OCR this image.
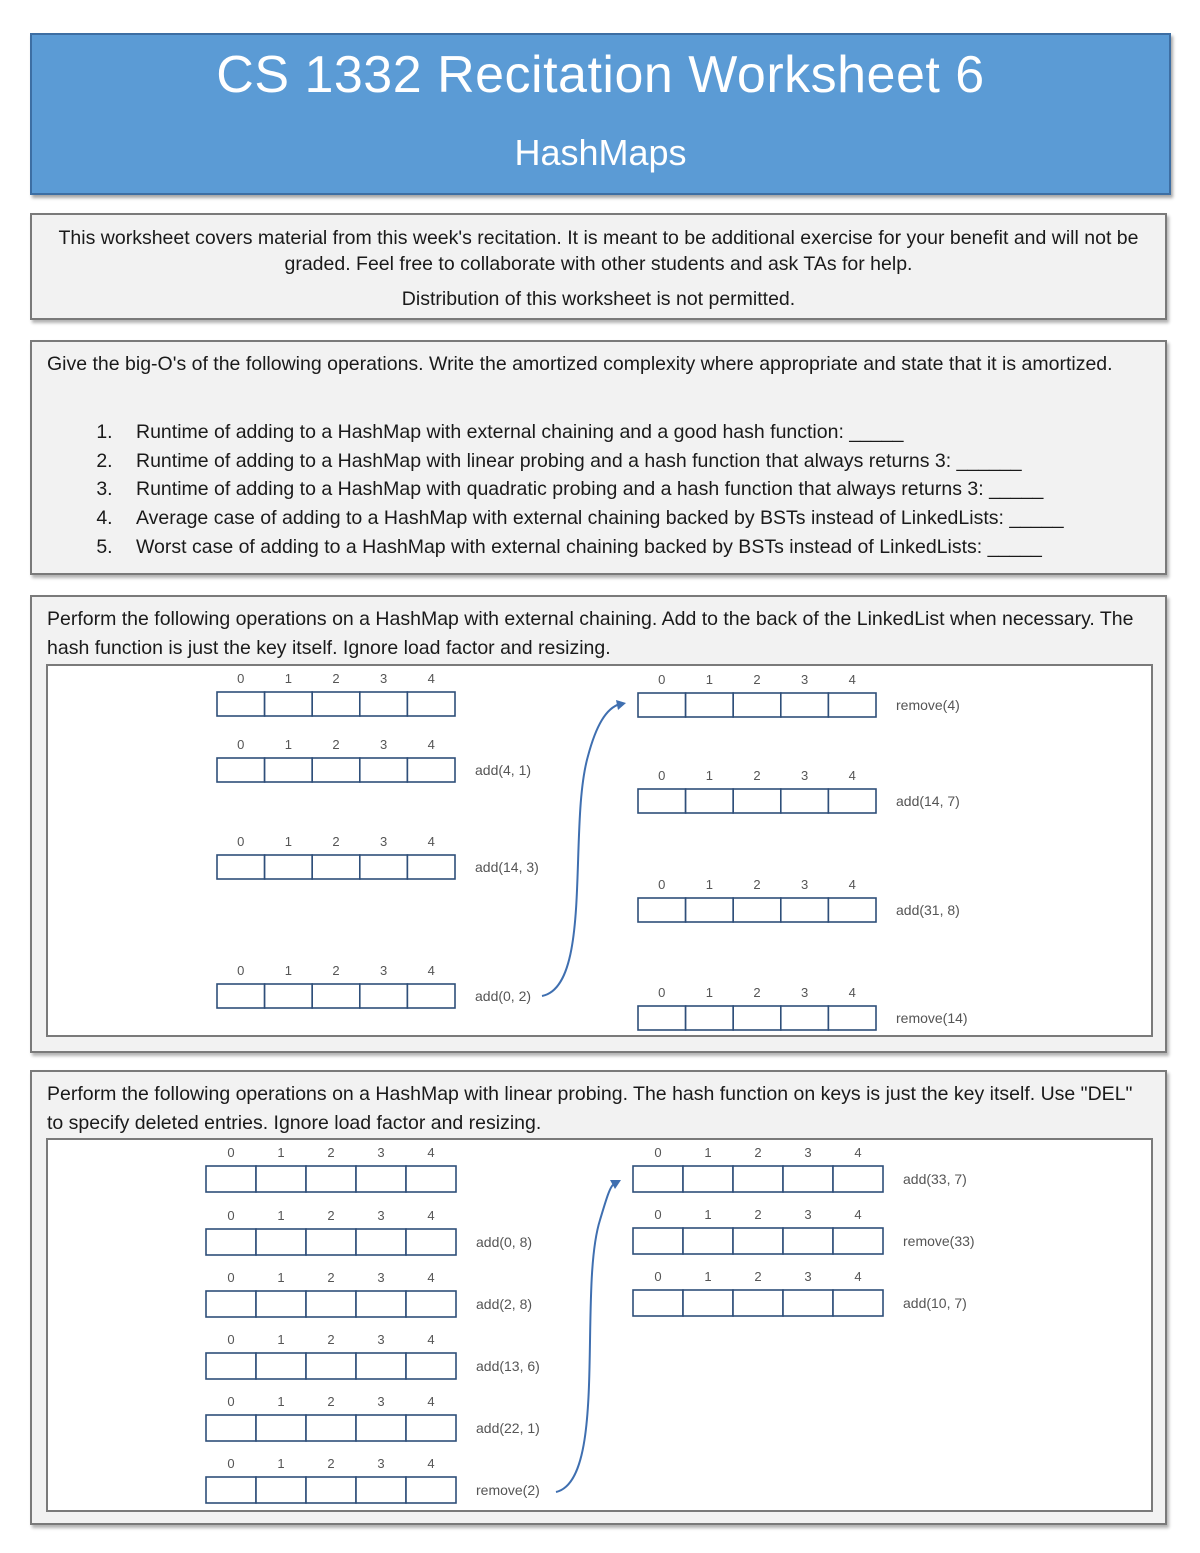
CS 1332 Recitation Worksheet 6
HashMaps

This worksheet covers material from this week's recitation. It is meant to be additional exercise for your benefit and will not be graded. Feel free to collaborate with other students and ask TAs for help.

Distribution of this worksheet is not permitted.

Give the big-O's of the following operations. Write the amortized complexity where appropriate and state that it is amortized.
1. Runtime of adding to a HashMap with external chaining and a good hash function: _____
2. Runtime of adding to a HashMap with linear probing and a hash function that always returns 3: ______
3. Runtime of adding to a HashMap with quadratic probing and a hash function that always returns 3: _____
4. Average case of adding to a HashMap with external chaining backed by BSTs instead of LinkedLists: _____
5. Worst case of adding to a HashMap with external chaining backed by BSTs instead of LinkedLists: _____
Perform the following operations on a HashMap with external chaining. Add to the back of the LinkedList when necessary. The hash function is just the key itself. Ignore load factor and resizing.
0	1	2	3	4
0	1	2	3	4
add(4, 1)
0	1	2	3	4
add(14, 3)
0	1	2	3	4
add(0, 2)
0	1	2	3	4
remove(4)
0	1	2	3	4
add(14, 7)
0	1	2	3	4
add(31, 8)
0	1	2	3	4
remove(14)
Perform the following operations on a HashMap with linear probing. The hash function on keys is just the key itself. Use "DEL" to specify deleted entries. Ignore load factor and resizing.
0	1	2	3	4
0	1	2	3	4
add(0, 8)
0	1	2	3	4
add(2, 8)
0	1	2	3	4
add(13, 6)
0	1	2	3	4
add(22, 1)
0	1	2	3	4
remove(2)
0	1	2	3	4
add(33, 7)
0	1	2	3	4
remove(33)
0	1	2	3	4
add(10, 7)
